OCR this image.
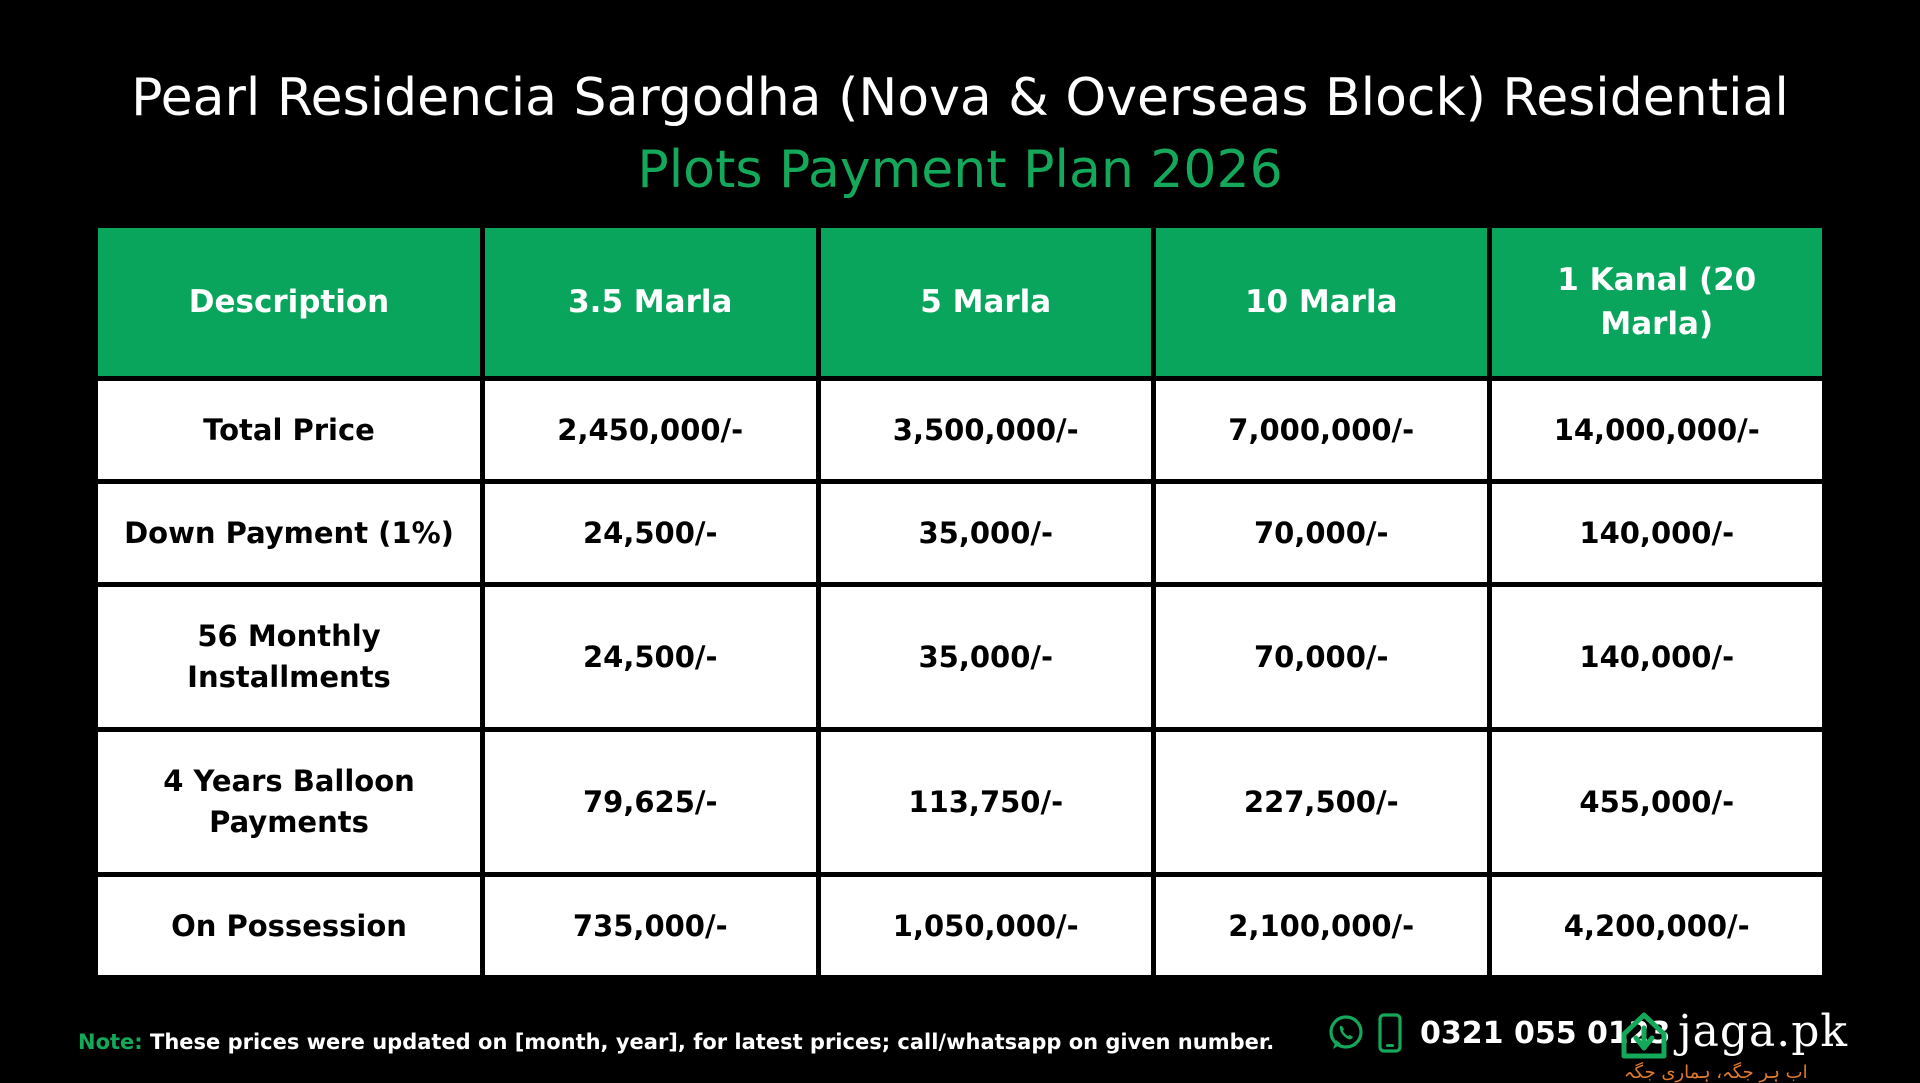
Pearl Residencia Sargodha (Nova & Overseas Block) Residential
Plots Payment Plan 2026
Description	3.5 Marla	5 Marla	10 Marla	1 Kanal (20 Marla)
Total Price	2,450,000/-	3,500,000/-	7,000,000/-	14,000,000/-
Down Payment (1%)	24,500/-	35,000/-	70,000/-	140,000/-
56 Monthly Installments	24,500/-	35,000/-	70,000/-	140,000/-
4 Years Balloon Payments	79,625/-	113,750/-	227,500/-	455,000/-
On Possession	735,000/-	1,050,000/-	2,100,000/-	4,200,000/-
Note: These prices were updated on [month, year], for latest prices; call/whatsapp on given number.	0321 055 0123 jaga.pk
اب ہر جگہ، ہماری جگہ
